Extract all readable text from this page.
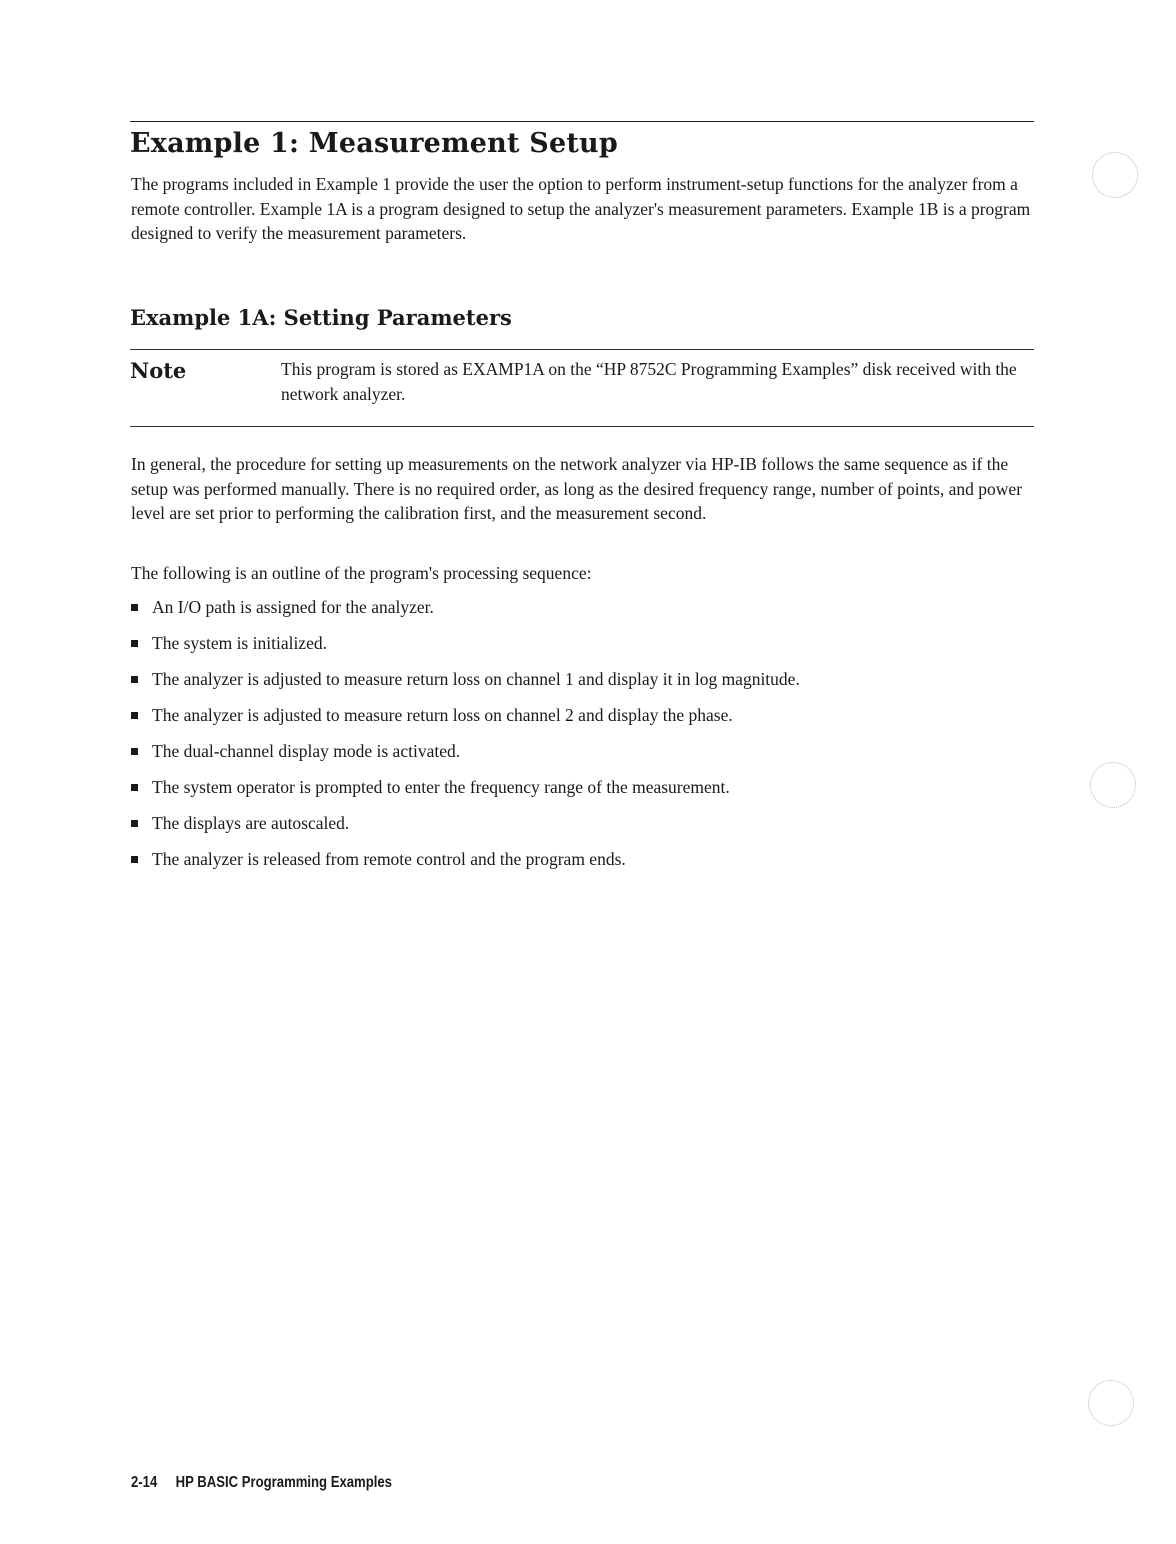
Example 1: Measurement Setup

The programs included in Example 1 provide the user the option to perform instrument-setup functions for the analyzer from a remote controller. Example 1A is a program designed to setup the analyzer's measurement parameters. Example 1B is a program designed to verify the measurement parameters.

Example 1A: Setting Parameters
Note	This program is stored as EXAMP1A on the “HP 8752C Programming Examples” disk received with the network analyzer.

In general, the procedure for setting up measurements on the network analyzer via HP-IB follows the same sequence as if the setup was performed manually. There is no required order, as long as the desired frequency range, number of points, and power level are set prior to performing the calibration first, and the measurement second.

The following is an outline of the program's processing sequence:

An I/O path is assigned for the analyzer.
The system is initialized.
The analyzer is adjusted to measure return loss on channel 1 and display it in log magnitude.
The analyzer is adjusted to measure return loss on channel 2 and display the phase.
The dual-channel display mode is activated.
The system operator is prompted to enter the frequency range of the measurement.
The displays are autoscaled.
The analyzer is released from remote control and the program ends.
2-14 HP BASIC Programming Examples
